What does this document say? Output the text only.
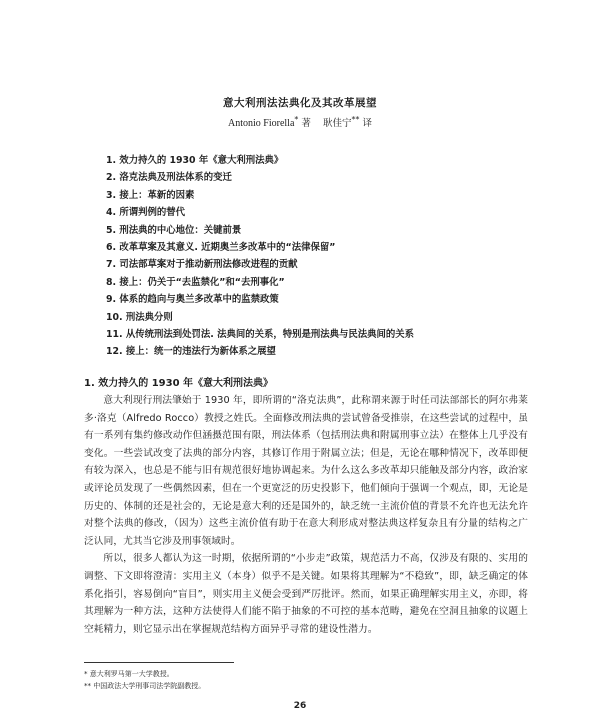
意大利刑法法典化及其改革展望
Antonio Fiorella* 著 耿佳宁** 译
1. 效力持久的 1930 年《意大利刑法典》
2. 洛克法典及刑法体系的变迁
3. 接上：革新的因素
4. 所谓判例的替代
5. 刑法典的中心地位：关键前景
6. 改革草案及其意义. 近期奥兰多改革中的“法律保留”
7. 司法部草案对于推动新刑法修改进程的贡献
8. 接上：仍关于“去监禁化”和“去刑事化”
9. 体系的趋向与奥兰多改革中的监禁政策
10. 刑法典分则
11. 从传统刑法到处罚法. 法典间的关系，特别是刑法典与民法典间的关系
12. 接上：统一的违法行为新体系之展望
1. 效力持久的 1930 年《意大利刑法典》

意大利现行刑法肇始于 1930 年，即所谓的“洛克法典”，此称谓来源于时任司法部部长的阿尔弗莱多·洛克（Alfredo Rocco）教授之姓氏。全面修改刑法典的尝试曾备受推崇，在这些尝试的过程中，虽有一系列有集约修改动作但涵摄范围有限，刑法体系（包括刑法典和附属刑事立法）在整体上几乎没有变化。一些尝试改变了法典的部分内容，其修订作用于附属立法；但是，无论在哪种情况下，改革即便有较为深入，也总是不能与旧有规范很好地协调起来。为什么这么多改革却只能触及部分内容，政治家或评论员发现了一些偶然因素，但在一个更宽泛的历史投影下，他们倾向于强调一个观点，即，无论是历史的、体制的还是社会的，无论是意大利的还是国外的，缺乏统一主流价值的背景不允许也无法允许对整个法典的修改，（因为）这些主流价值有助于在意大利形成对整法典这样复杂且有分量的结构之广泛认同，尤其当它涉及刑事领域时。

所以，很多人都认为这一时期，依据所谓的“小步走”政策，规范活力不高，仅涉及有限的、实用的调整、下文即将澄清：实用主义（本身）似乎不是关键。如果将其理解为“不稳致”，即，缺乏确定的体系化指引，容易倒向“盲目”，则实用主义便会受到严厉批评。然而，如果正确理解实用主义，亦即，将其理解为一种方法，这种方法使得人们能不陷于抽象的不可控的基本范畴，避免在空洞且抽象的议题上空耗精力，则它显示出在掌握规范结构方面异乎寻常的建设性潜力。

* 意大利罗马第一大学教授。
** 中国政法大学刑事司法学院副教授。
26
